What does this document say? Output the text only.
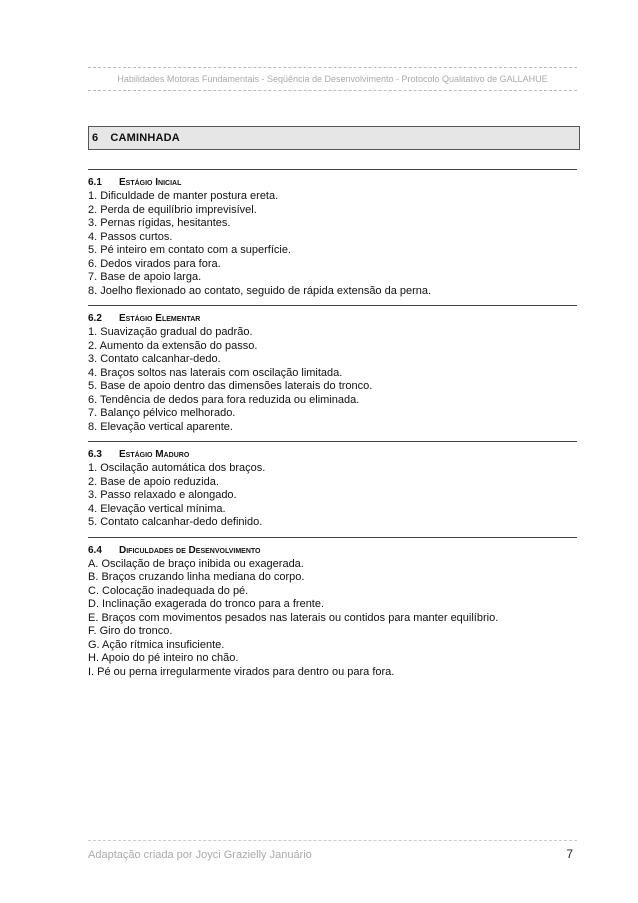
Habilidades Motoras Fundamentais - Seqüência de Desenvolvimento - Protocolo Qualitativo de GALLAHUE
6 CAMINHADA
6.1	Estágio Inicial
1. Dificuldade de manter postura ereta.
2. Perda de equilíbrio imprevisível.
3. Pernas rígidas, hesitantes.
4. Passos curtos.
5. Pé inteiro em contato com a superfície.
6. Dedos virados para fora.
7. Base de apoio larga.
8. Joelho flexionado ao contato, seguido de rápida extensão da perna.
6.2	Estágio Elementar
1. Suavização gradual do padrão.
2. Aumento da extensão do passo.
3. Contato calcanhar-dedo.
4. Braços soltos nas laterais com oscilação limitada.
5. Base de apoio dentro das dimensões laterais do tronco.
6. Tendência de dedos para fora reduzida ou eliminada.
7. Balanço pélvico melhorado.
8. Elevação vertical aparente.
6.3	Estágio Maduro
1. Oscilação automática dos braços.
2. Base de apoio reduzida.
3. Passo relaxado e alongado.
4. Elevação vertical mínima.
5. Contato calcanhar-dedo definido.
6.4	Dificuldades de Desenvolvimento
A. Oscilação de braço inibida ou exagerada.
B. Braços cruzando linha mediana do corpo.
C. Colocação inadequada do pé.
D. Inclinação exagerada do tronco para a frente.
E. Braços com movimentos pesados nas laterais ou contidos para manter equilíbrio.
F. Giro do tronco.
G. Ação rítmica insuficiente.
H. Apoio do pé inteiro no chão.
I. Pé ou perna irregularmente virados para dentro ou para fora.
Adaptação criada por Joyci Grazielly Januário	7
